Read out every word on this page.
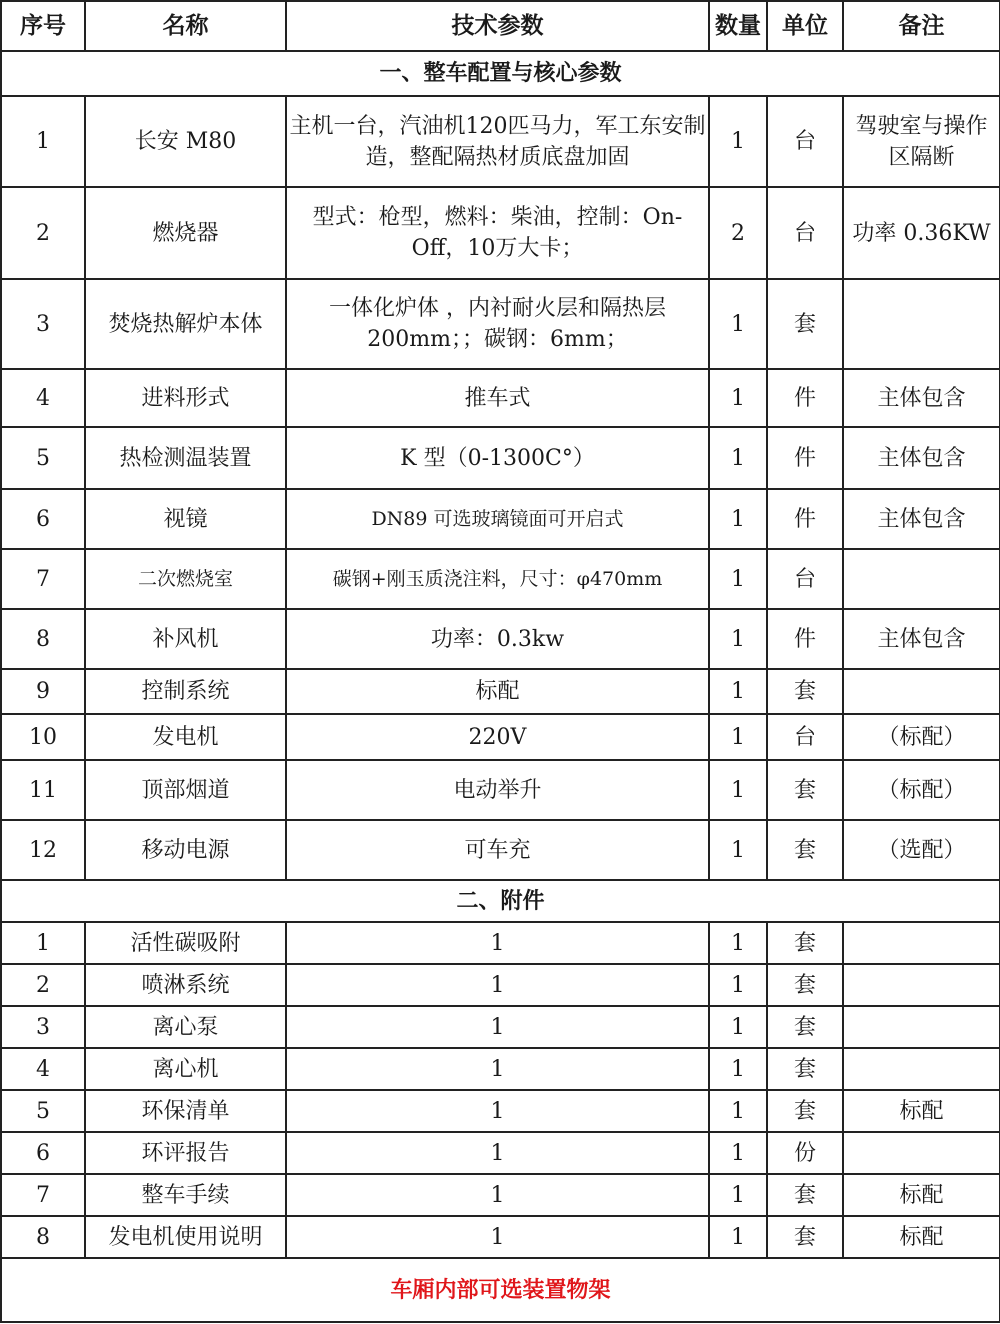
序号	名称	技术参数	数量	单位	备注
一、整车配置与核心参数					
1	长安 M80	主机一台，汽油机120匹马力，军工东安制造，整配隔热材质底盘加固	1	台	驾驶室与操作区隔断
2	燃烧器	型式：枪型，燃料：柴油，控制：On-Off，10万大卡；	2	台	功率 0.36KW
3	焚烧热解炉本体	一体化炉体 ，内衬耐火层和隔热层200mm；；碳钢：6mm；	1	套	
4	进料形式	推车式	1	件	主体包含
5	热检测温装置	K 型（0-1300C°）	1	件	主体包含
6	视镜	DN89 可选玻璃镜面可开启式	1	件	主体包含
7	二次燃烧室	碳钢+刚玉质浇注料，尺寸：φ470mm	1	台	
8	补风机	功率：0.3kw	1	件	主体包含
9	控制系统	标配	1	套	
10	发电机	220V	1	台	（标配）
11	顶部烟道	电动举升	1	套	（标配）
12	移动电源	可车充	1	套	（选配）
二、附件					
1	活性碳吸附	1	1	套	
2	喷淋系统	1	1	套	
3	离心泵	1	1	套	
4	离心机	1	1	套	
5	环保清单	1	1	套	标配
6	环评报告	1	1	份	
7	整车手续	1	1	套	标配
8	发电机使用说明	1	1	套	标配
车厢内部可选装置物架					
